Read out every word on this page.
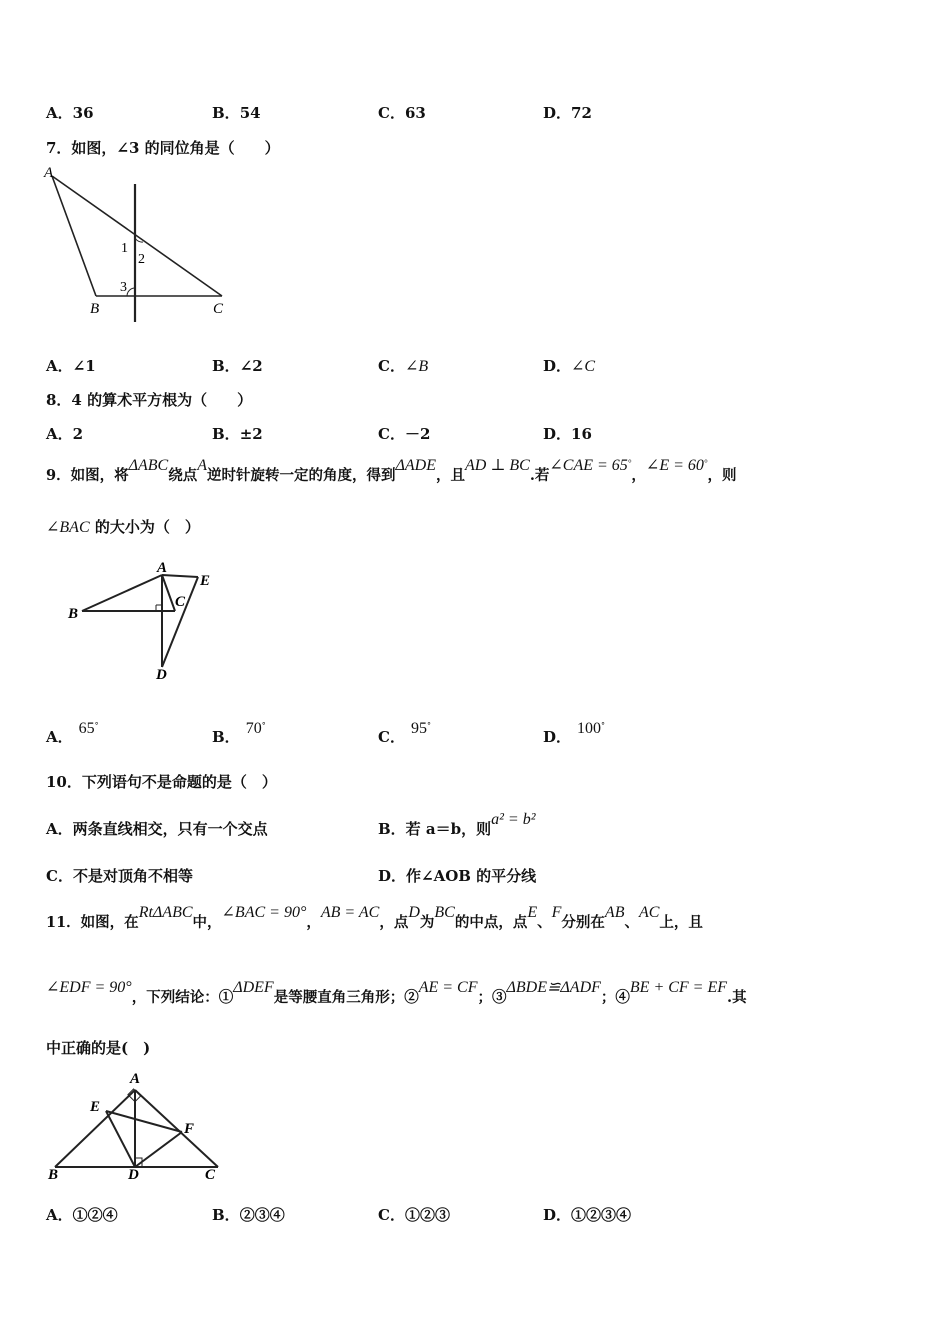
A．36	B．54	C．63	D．72
7．如图，∠3 的同位角是（　　）
A
B	C
1
2
3
A．∠1	B．∠2	C．∠B	D．∠C
8．4 的算术平方根为（　　）
A．2	B．±2	C．－2	D．16
9．如图，将ΔABC绕点A逆时针旋转一定的角度，得到ΔADE，且AD ⊥ BC.若∠CAE = 65°，∠E = 60°，则
∠BAC 的大小为（　）
A
B
C
D
E
A． 65°
B． 70°
C． 95°
D． 100°
10．下列语句不是命题的是（　）
A．两条直线相交，只有一个交点	B．若 a＝b，则a² = b²
C．不是对顶角不相等	D．作∠AOB 的平分线
11．如图，在RtΔABC中，∠BAC = 90°，AB = AC，点D为BC的中点，点E、F分别在AB、AC上，且
∠EDF = 90°，下列结论：①ΔDEF是等腰直角三角形；②AE = CF；③ΔBDE≌ΔADF；④BE + CF = EF.其
中正确的是(　)
A
B	C
D
E
F
A．①②④	B．②③④	C．①②③	D．①②③④
